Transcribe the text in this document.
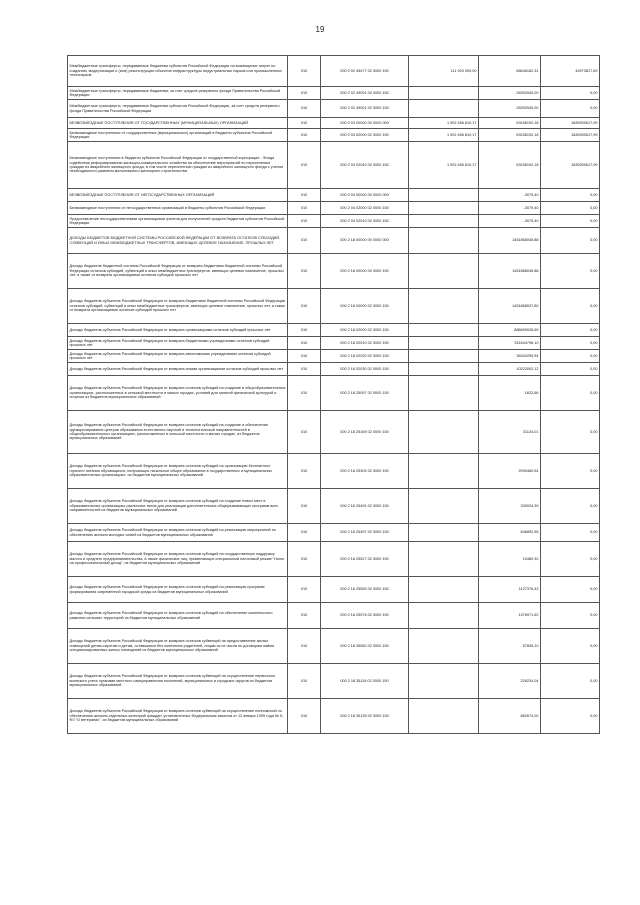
19
Межбюджетные трансферты, передаваемые бюджетам субъектов Российской Федерации на возмещение затрат по созданию, модернизации и (или) реконструкции объектов инфраструктуры индустриальных парков или промышленных технопарков	010	000 2 02 45477 02 0000 150	111 920 000,00	66646182,31	44973817,69
Межбюджетные трансферты, передаваемые бюджетам, за счет средств резервного фонда Правительства Российской Федерации	010	000 2 02 49001 00 0000 150		26392940,00	0,00
Межбюджетные трансферты, передаваемые бюджетам субъектов Российской Федерации, за счет средств резервного фонда Правительства Российской Федерации	010	000 2 02 49001 02 0000 150		26392940,00	0,00
БЕЗВОЗМЕЗДНЫЕ ПОСТУПЛЕНИЯ ОТ ГОСУДАРСТВЕННЫХ (МУНИЦИПАЛЬНЫХ) ОРГАНИЗАЦИЙ	010	000 2 03 00000 00 0000 000	1 902 456 810,17	63156192,18	1839300617,99
Безвозмездные поступления от государственных (муниципальных) организаций в бюджеты субъектов Российской Федерации	010	000 2 03 02000 02 0000 150	1 902 456 810,17	63156192,18	1839300617,99
Безвозмездные поступления в бюджеты субъектов Российской Федерации от государственной корпорации - Фонда содействия реформированию жилищно-коммунального хозяйства на обеспечение мероприятий по переселению граждан из аварийного жилищного фонда, в том числе переселению граждан из аварийного жилищного фонда с учетом необходимости развития малоэтажного жилищного строительства	010	000 2 03 02040 02 0000 150	1 902 456 810,17	63156192,18	1839300617,99
БЕЗВОЗМЕЗДНЫЕ ПОСТУПЛЕНИЯ ОТ НЕГОСУДАРСТВЕННЫХ ОРГАНИЗАЦИЙ	010	000 2 04 00000 00 0000 000		-3079,40	0,00
Безвозмездные поступления от негосударственных организаций в бюджеты субъектов Российской Федерации	010	000 2 04 02000 02 0000 150		-3079,40	0,00
Предоставление негосударственными организациями грантов для получателей средств бюджетов субъектов Российской Федерации	010	000 2 04 02010 02 0000 150		-3079,40	0,00
ДОХОДЫ БЮДЖЕТОВ БЮДЖЕТНОЙ СИСТЕМЫ РОССИЙСКОЙ ФЕДЕРАЦИИ ОТ ВОЗВРАТА ОСТАТКОВ СУБСИДИЙ, СУБВЕНЦИЙ И ИНЫХ МЕЖБЮДЖЕТНЫХ ТРАНСФЕРТОВ, ИМЕЮЩИХ ЦЕЛЕВОЕ НАЗНАЧЕНИЕ, ПРОШЛЫХ ЛЕТ	010	000 2 18 00000 00 0000 000		1451868045,88	0,00
Доходы бюджетов бюджетной системы Российской Федерации от возврата бюджетами бюджетной системы Российской Федерации остатков субсидий, субвенций и иных межбюджетных трансфертов, имеющих целевое назначение, прошлых лет, а также от возврата организациями остатков субсидий прошлых лет	010	000 2 18 00000 00 0000 150		1451868045,88	0,00
Доходы бюджетов субъектов Российской Федерации от возврата бюджетами бюджетной системы Российской Федерации остатков субсидий, субвенций и иных межбюджетных трансфертов, имеющих целевое назначение, прошлых лет, а также от возврата организациями остатков субсидий прошлых лет	010	000 2 18 00000 02 0000 150		1451868037,80	0,00
Доходы бюджетов субъектов Российской Федерации от возврата организациями остатков субсидий прошлых лет	010	000 2 18 02000 02 0000 150		888699026,65	0,00
Доходы бюджетов субъектов Российской Федерации от возврата бюджетными учреждениями остатков субсидий прошлых лет	010	000 2 18 02010 02 0000 150		511644796,10	0,00
Доходы бюджетов субъектов Российской Федерации от возврата автономными учреждениями остатков субсидий прошлых лет	010	000 2 18 02020 02 0000 150		36340259,54	0,00
Доходы бюджетов субъектов Российской Федерации от возврата иными организациями остатков субсидий прошлых лет	010	000 2 18 02030 02 0000 150		10222002,12	0,00
Доходы бюджетов субъектов Российской Федерации от возврата остатков субсидий на создание в общеобразовательных организациях, расположенных в сельской местности и малых городах, условий для занятий физической культурой и спортом из бюджетов муниципальных образований	010	000 2 18 25097 02 0000 150		1622,66	0,00
Доходы бюджетов субъектов Российской Федерации от возврата остатков субсидий на создание и обеспечение функционирования центров образования естественно-научной и технологической направленностей в общеобразовательных организациях, расположенных в сельской местности и малых городах, из бюджетов муниципальных образований	010	000 2 18 25169 02 0000 150		31124,01	0,00
Доходы бюджетов субъектов Российской Федерации от возврата остатков субсидий на организацию бесплатного горячего питания обучающихся, получающих начальное общее образование в государственных и муниципальных образовательных организациях, из бюджетов муниципальных образований	010	000 2 18 25304 02 0000 150		2090460,54	0,00
Доходы бюджетов субъектов Российской Федерации от возврата остатков субсидий на создание новых мест в образовательных организациях различных типов для реализации дополнительных общеразвивающих программ всех направленностей из бюджетов муниципальных образований	010	000 2 18 25491 02 0000 150		330034,39	0,00
Доходы бюджетов субъектов Российской Федерации от возврата остатков субсидий на реализацию мероприятий по обеспечению жильем молодых семей из бюджетов муниципальных образований	010	000 2 18 25497 02 0000 150		546892,55	0,00
Доходы бюджетов субъектов Российской Федерации от возврата остатков субсидий на государственную поддержку малого и среднего предпринимательства, а также физических лиц, применяющих специальный налоговый режим "Налог на профессиональный доход", из бюджетов муниципальных образований	010	000 2 18 25527 02 0000 150		10480,32	0,00
Доходы бюджетов субъектов Российской Федерации от возврата остатков субсидий на реализацию программ формирования современной городской среды из бюджетов муниципальных образований	010	000 2 18 25555 02 0000 150		1127376,43	0,00
Доходы бюджетов субъектов Российской Федерации от возврата остатков субсидий на обеспечение комплексного развития сельских территорий из бюджетов муниципальных образований	010	000 2 18 25576 02 0000 150		1376971,62	0,00
Доходы бюджетов субъектов Российской Федерации от возврата остатков субвенций на предоставление жилых помещений детям-сиротам и детям, оставшимся без попечения родителей, лицам из их числа по договорам найма специализированных жилых помещений из бюджетов муниципальных образований	010	000 2 18 35082 02 0000 150		57845,10	0,00
Доходы бюджетов субъектов Российской Федерации от возврата остатков субвенций на осуществление первичного воинского учета органами местного самоуправления поселений, муниципальных и городских округов из бюджетов муниципальных образований	010	000 2 18 35118 02 0000 150		226234,04	0,00
Доходы бюджетов субъектов Российской Федерации от возврата остатков субвенций на осуществление полномочий по обеспечению жильем отдельных категорий граждан, установленных Федеральным законом от 12 января 1995 года № 5-ФЗ "О ветеранах", из бюджетов муниципальных образований	010	000 2 18 35135 02 0000 150		882674,00	0,00
